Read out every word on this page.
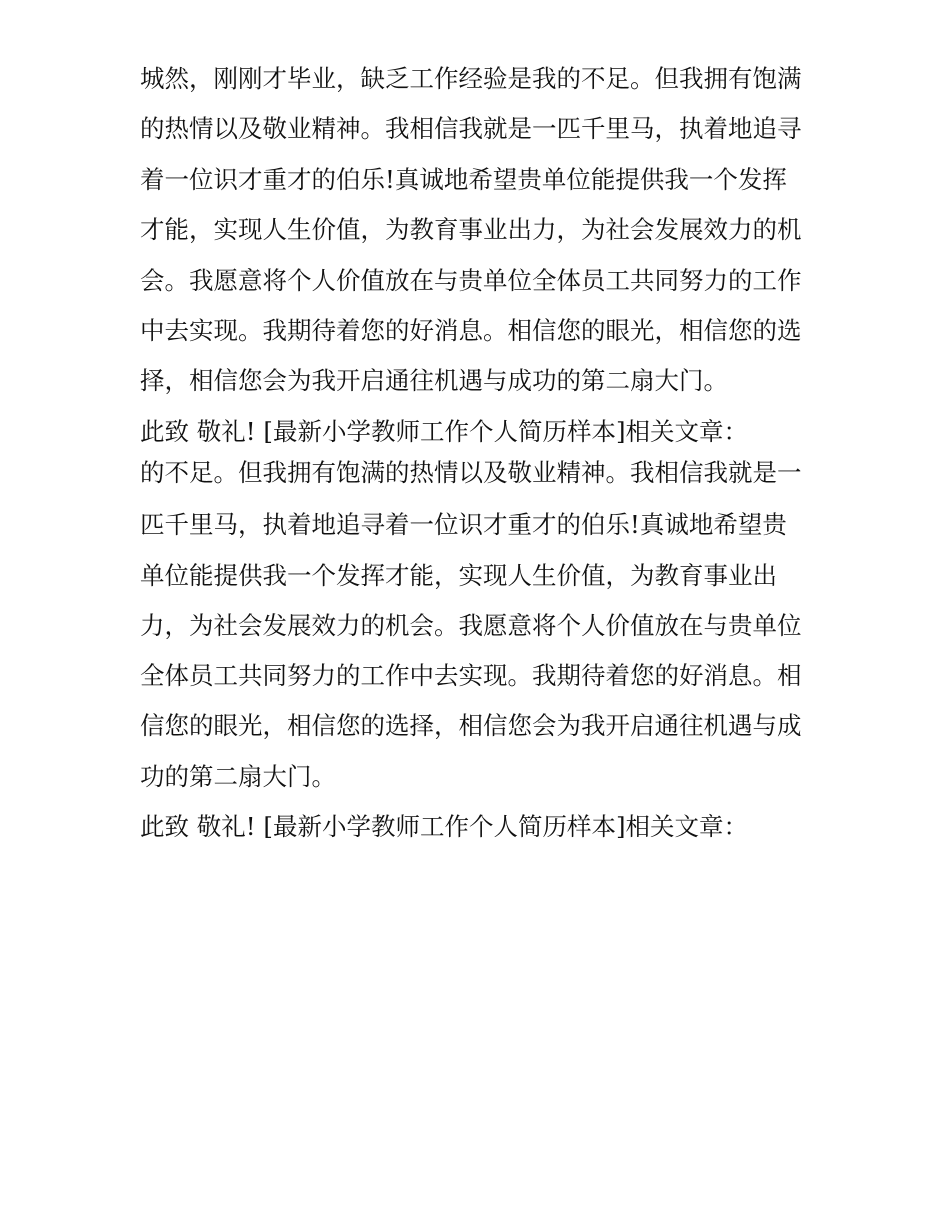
城然，刚刚才毕业，缺乏工作经验是我的不足。但我拥有饱满
的热情以及敬业精神。我相信我就是一匹千里马，执着地追寻
着一位识才重才的伯乐!真诚地希望贵单位能提供我一个发挥
才能，实现人生价值，为教育事业出力，为社会发展效力的机
会。我愿意将个人价值放在与贵单位全体员工共同努力的工作
中去实现。我期待着您的好消息。相信您的眼光，相信您的选
择，相信您会为我开启通往机遇与成功的第二扇大门。
此致 敬礼! [最新小学教师工作个人简历样本]相关文章：
的不足。但我拥有饱满的热情以及敬业精神。我相信我就是一
匹千里马，执着地追寻着一位识才重才的伯乐!真诚地希望贵
单位能提供我一个发挥才能，实现人生价值，为教育事业出
力，为社会发展效力的机会。我愿意将个人价值放在与贵单位
全体员工共同努力的工作中去实现。我期待着您的好消息。相
信您的眼光，相信您的选择，相信您会为我开启通往机遇与成
功的第二扇大门。
此致 敬礼! [最新小学教师工作个人简历样本]相关文章：
